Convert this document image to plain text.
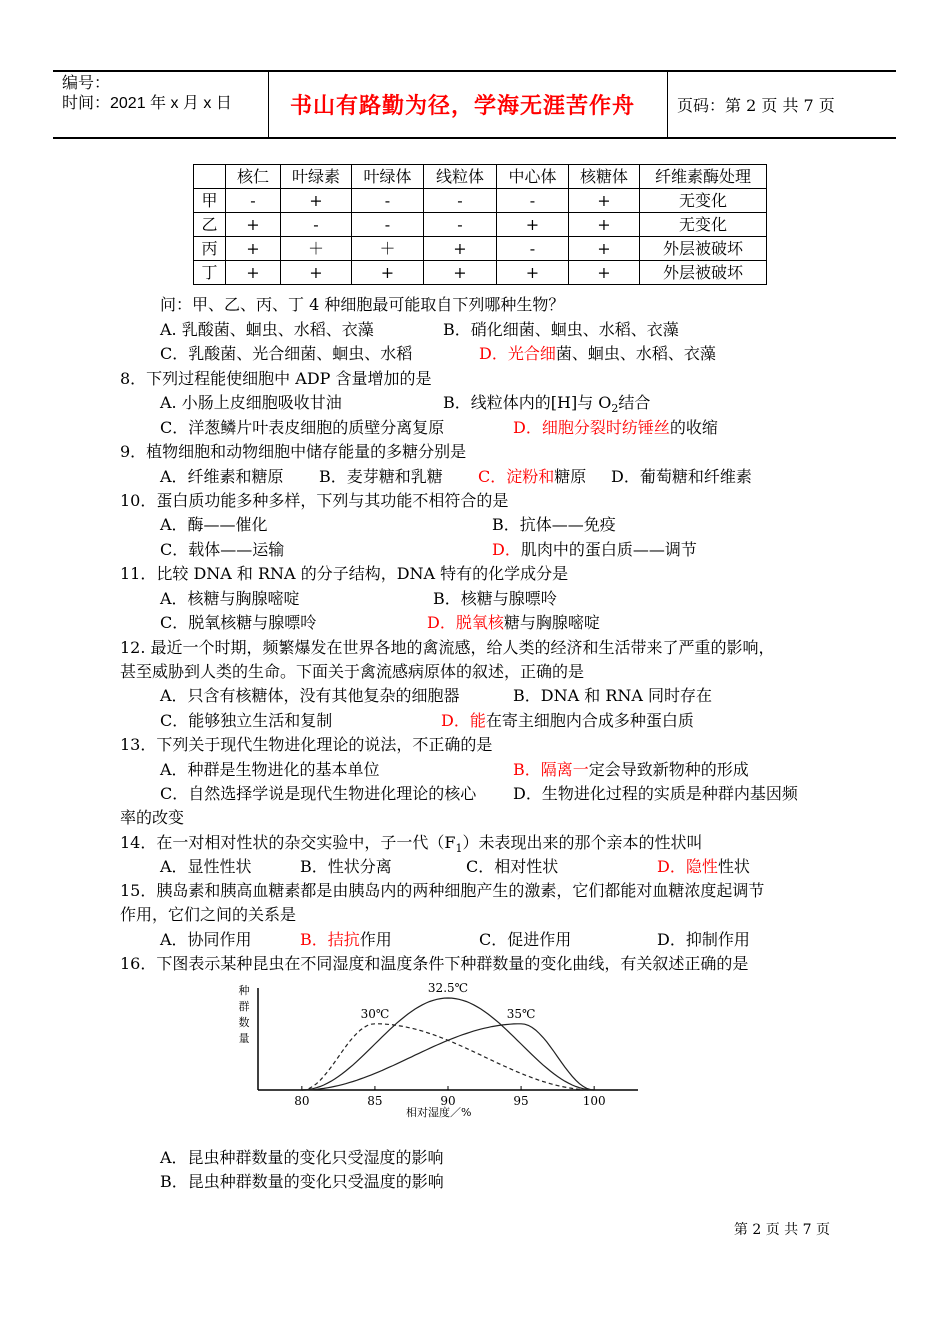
编号：
时间：2021 年 x 月 x 日	书山有路勤为径，学海无涯苦作舟	页码：第 2 页 共 7 页
	核仁	叶绿素	叶绿体	线粒体	中心体	核糖体	纤维素酶处理
甲	-	+	-	-	-	+	无变化
乙	+	-	-	-	+	+	无变化
丙	+	＋	＋	+	-	+	外层被破坏
丁	+	+	+	+	+	+	外层被破坏
问：甲、乙、丙、丁 4 种细胞最可能取自下列哪种生物？
A. 乳酸菌、蛔虫、水稻、衣藻	B．硝化细菌、蛔虫、水稻、衣藻
C．乳酸菌、光合细菌、蛔虫、水稻	D．光合细菌、蛔虫、水稻、衣藻
8．下列过程能使细胞中 ADP 含量增加的是
A. 小肠上皮细胞吸收甘油	B．线粒体内的[H]与 $O_2$结合
C．洋葱鳞片叶表皮细胞的质壁分离复原	D．细胞分裂时纺锤丝的收缩
9．植物细胞和动物细胞中储存能量的多糖分别是
A．纤维素和糖原 B．麦芽糖和乳糖 C．淀粉和糖原 D．葡萄糖和纤维素
10．蛋白质功能多种多样，下列与其功能不相符合的是
A．酶——催化	B．抗体——免疫
C．载体——运输	D．肌肉中的蛋白质——调节
11．比较 DNA 和 RNA 的分子结构，DNA 特有的化学成分是
A．核糖与胸腺嘧啶	B．核糖与腺嘌呤
C．脱氧核糖与腺嘌呤	D．脱氧核糖与胸腺嘧啶
12. 最近一个时期，频繁爆发在世界各地的禽流感，给人类的经济和生活带来了严重的影响，
甚至威胁到人类的生命。下面关于禽流感病原体的叙述，正确的是
A．只含有核糖体，没有其他复杂的细胞器	B．DNA 和 RNA 同时存在
C．能够独立生活和复制	D．能在寄主细胞内合成多种蛋白质
13．下列关于现代生物进化理论的说法，不正确的是
A．种群是生物进化的基本单位	B．隔离一定会导致新物种的形成
C．自然选择学说是现代生物进化理论的核心 D．生物进化过程的实质是种群内基因频
率的改变
14．在一对相对性状的杂交实验中，子一代$(F_1)$未表现出来的那个亲本的性状叫
A．显性性状	B．性状分离	C．相对性状	D．隐性性状
15．胰岛素和胰高血糖素都是由胰岛内的两种细胞产生的激素，它们都能对血糖浓度起调节
作用，它们之间的关系是
A．协同作用	B．拮抗作用	C．促进作用	D．抑制作用
16．下图表示某种昆虫在不同湿度和温度条件下种群数量的变化曲线，有关叙述正确的是
种
群
数
量
80	85	90	95	100
32.5℃
30℃	35℃
相对湿度／%
A．昆虫种群数量的变化只受湿度的影响
B．昆虫种群数量的变化只受温度的影响
第 2 页 共 7 页
